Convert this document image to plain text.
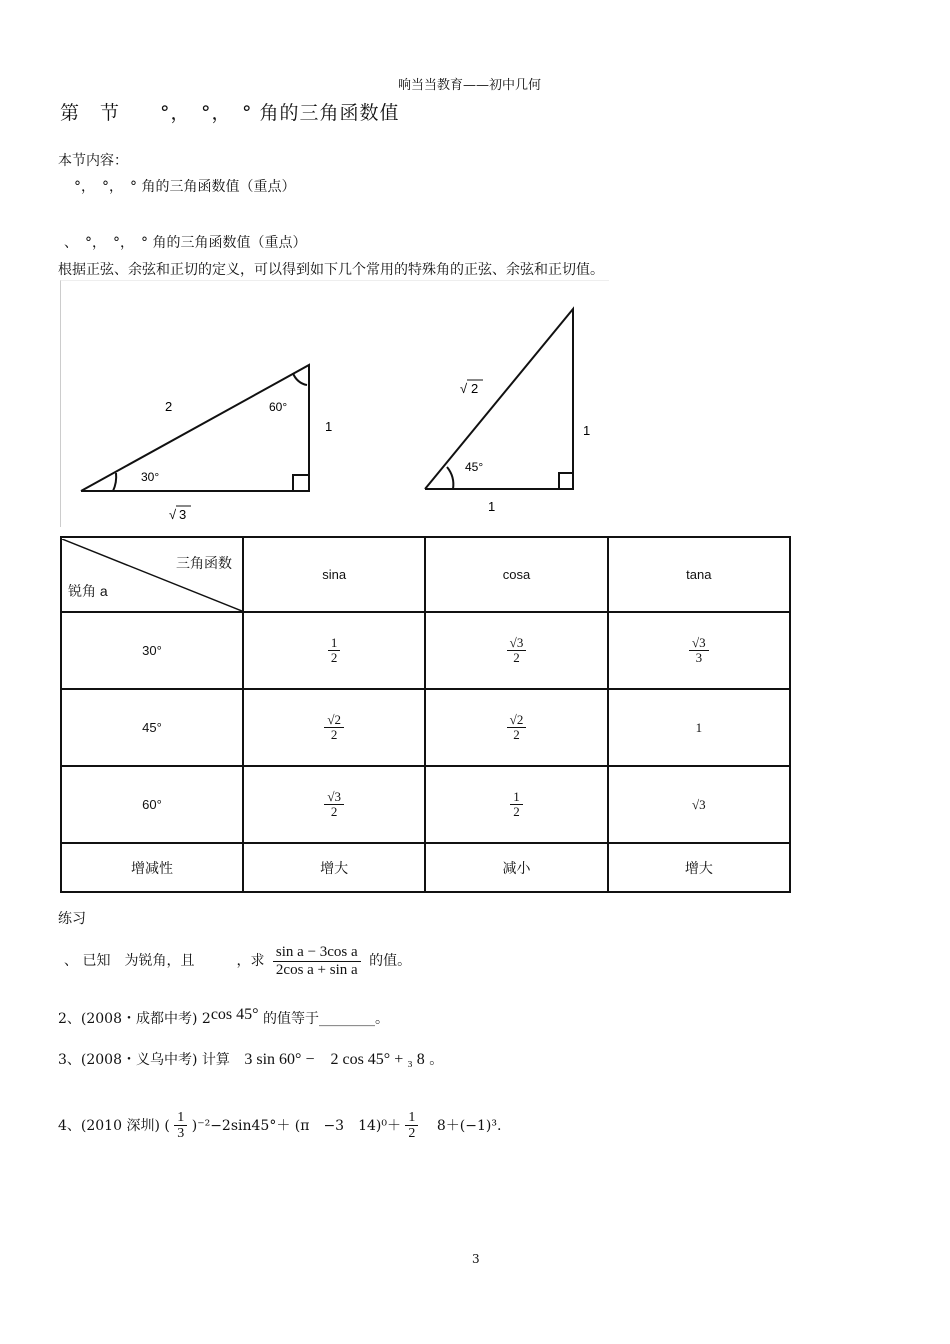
响当当教育——初中几何
第　节　　°，　°，　° 角的三角函数值
本节内容：
°，　°，　° 角的三角函数值（重点）
、　°，　°，　° 角的三角函数值（重点）
根据正弦、余弦和正切的定义，可以得到如下几个常用的特殊角的正弦、余弦和正切值。
2	60°
1
30°
√ 3
√ 2
45°
1
1
三角函数
锐角 a	sina	cosa	tana
30°	$\frac{1}{2}$	$\frac{√3}{2}$	$\frac{√3}{3}$

45°	$\frac{√2}{2}$	$\frac{√2}{2}$	1
60°	$\frac{√3}{2}$	$\frac{1}{2}$	√3
增减性	增大	减小	增大
练习
、 已知　为锐角，且　　　，求 $\frac{\text{sin a − 3cos a}}{\text{2cos a + sin a}}$ 的值。
2、(2008・成都中考) 2cos 45° 的值等于________。
3、(2008・义乌中考) 计算 3 sin 60° −　2 cos 45° + ₃ 8 。
4、(2010 深圳) ( $\frac{1}{3} )^{-2}-2\sin 45^\circ+ (\pi$　−3　$14)^0+ \frac{1}{2} 8+(-1)^3$.
3
